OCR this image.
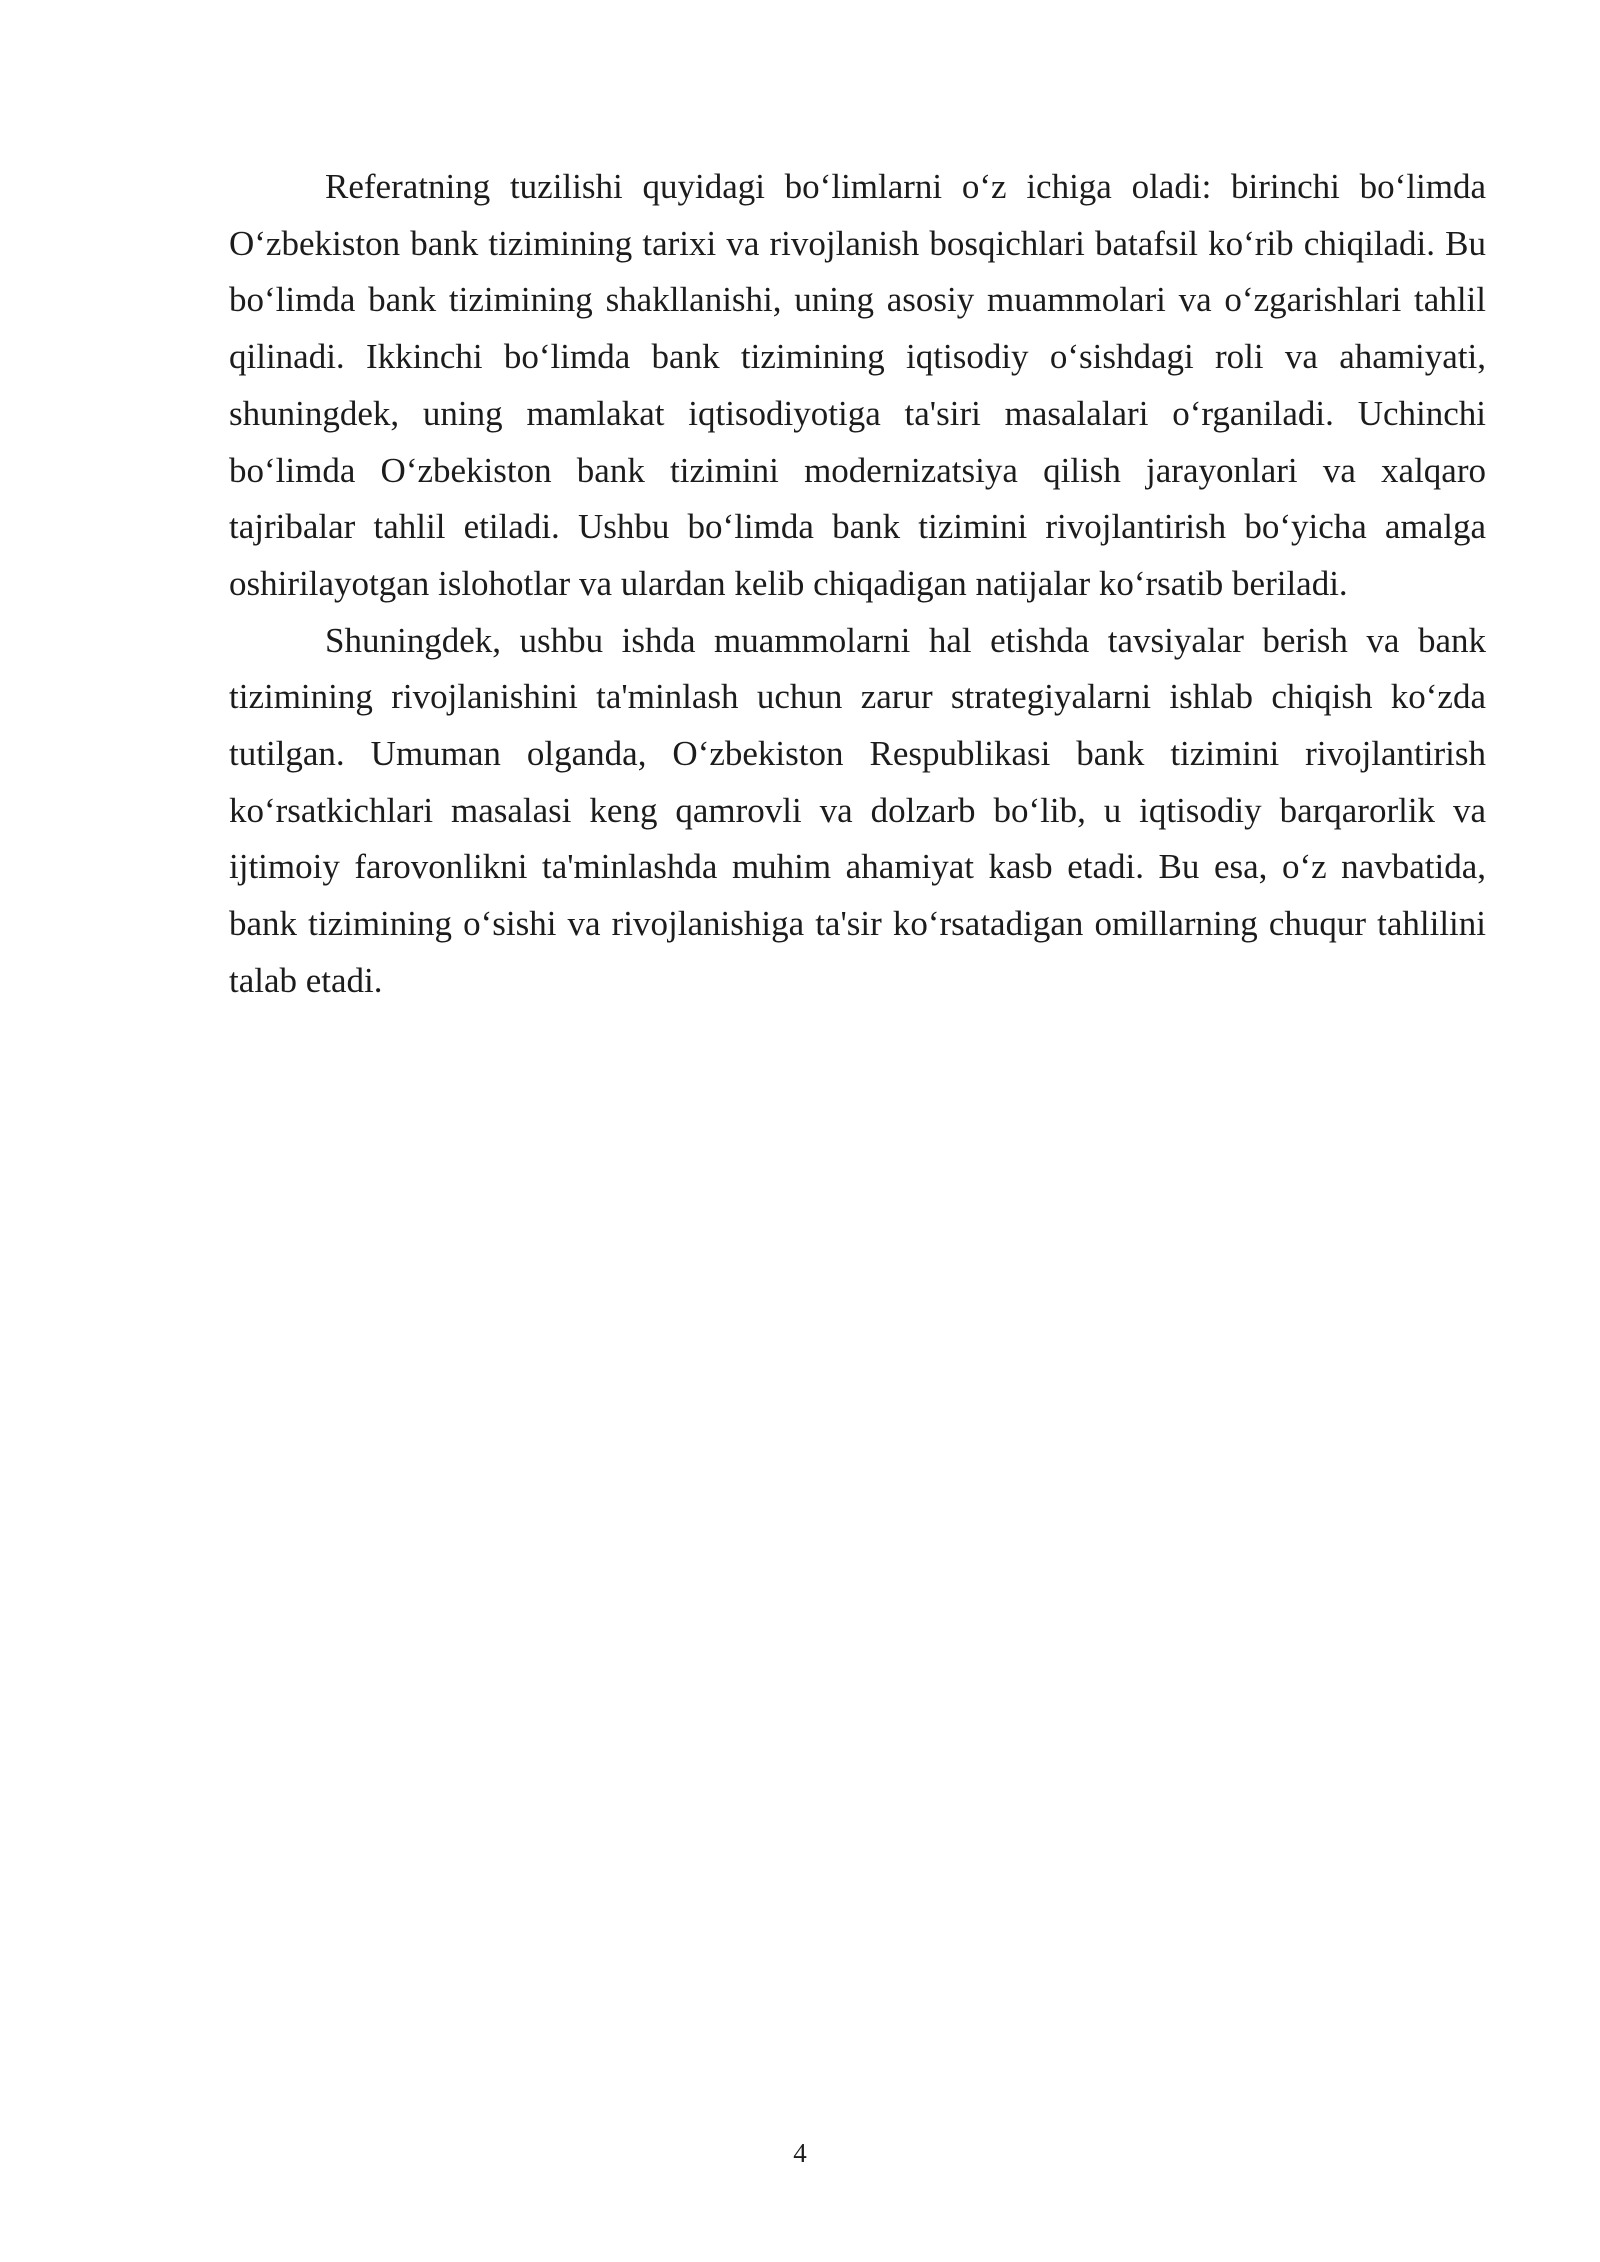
Referatning tuzilishi quyidagi bo‘limlarni o‘z ichiga oladi: birinchi bo‘limda O‘zbekiston bank tizimining tarixi va rivojlanish bosqichlari batafsil ko‘rib chiqiladi. Bu bo‘limda bank tizimining shakllanishi, uning asosiy muammolari va o‘zgarishlari tahlil qilinadi. Ikkinchi bo‘limda bank tizimining iqtisodiy o‘sishdagi roli va ahamiyati, shuningdek, uning mamlakat iqtisodiyotiga ta'siri masalalari o‘rganiladi. Uchinchi bo‘limda O‘zbekiston bank tizimini modernizatsiya qilish jarayonlari va xalqaro tajribalar tahlil etiladi. Ushbu bo‘limda bank tizimini rivojlantirish bo‘yicha amalga oshirilayotgan islohotlar va ulardan kelib chiqadigan natijalar ko‘rsatib beriladi.

Shuningdek, ushbu ishda muammolarni hal etishda tavsiyalar berish va bank tizimining rivojlanishini ta'minlash uchun zarur strategiyalarni ishlab chiqish ko‘zda tutilgan. Umuman olganda, O‘zbekiston Respublikasi bank tizimini rivojlantirish ko‘rsatkichlari masalasi keng qamrovli va dolzarb bo‘lib, u iqtisodiy barqarorlik va ijtimoiy farovonlikni ta'minlashda muhim ahamiyat kasb etadi. Bu esa, o‘z navbatida, bank tizimining o‘sishi va rivojlanishiga ta'sir ko‘rsatadigan omillarning chuqur tahlilini talab etadi.

4
